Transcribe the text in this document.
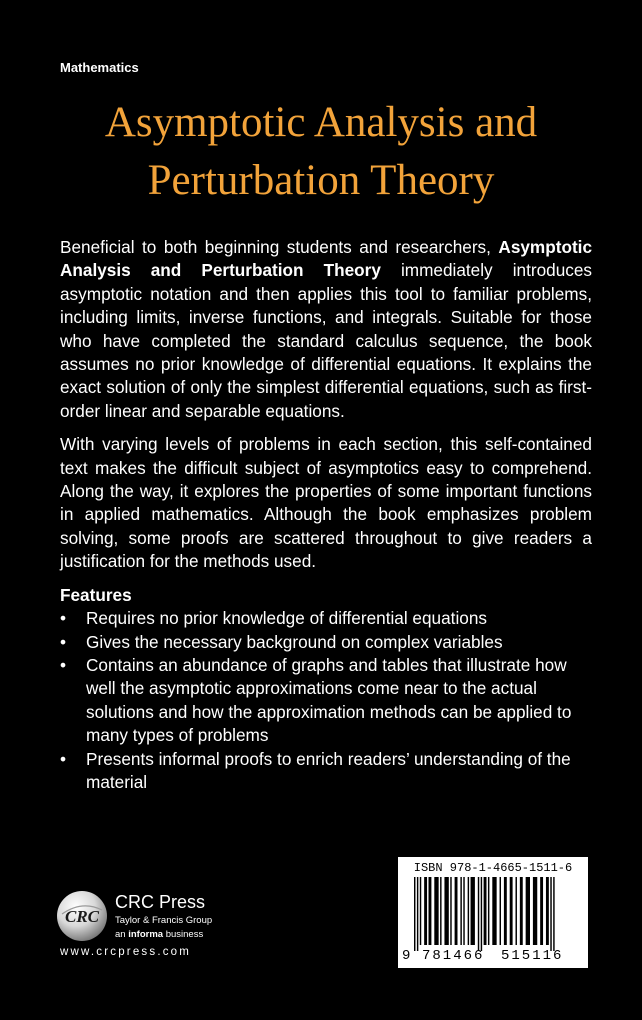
Mathematics
Asymptotic Analysis and
Perturbation Theory

Beneficial to both beginning students and researchers, Asymptotic Analysis and Perturbation Theory immediately introduces asymptotic notation and then applies this tool to familiar problems, including limits, inverse functions, and integrals. Suitable for those who have completed the standard calculus sequence, the book assumes no prior knowledge of differential equations. It explains the exact solution of only the simplest differential equations, such as first-order linear and separable equations.

With varying levels of problems in each section, this self-contained text makes the difficult subject of asymptotics easy to comprehend. Along the way, it explores the properties of some important functions in applied mathematics. Although the book emphasizes problem solving, some proofs are scattered throughout to give readers a justification for the methods used.

Features
• Requires no prior knowledge of differential equations
• Gives the necessary background on complex variables
• Contains an abundance of graphs and tables that illustrate how well the asymptotic approximations come near to the actual solutions and how the approximation methods can be applied to many types of problems
• Presents informal proofs to enrich readers’ understanding of the material
CRC
CRC Press
Taylor & Francis Group
an informa business
www.crcpress.com
ISBN 978-1-4665-1511-6
9 781466 515116
